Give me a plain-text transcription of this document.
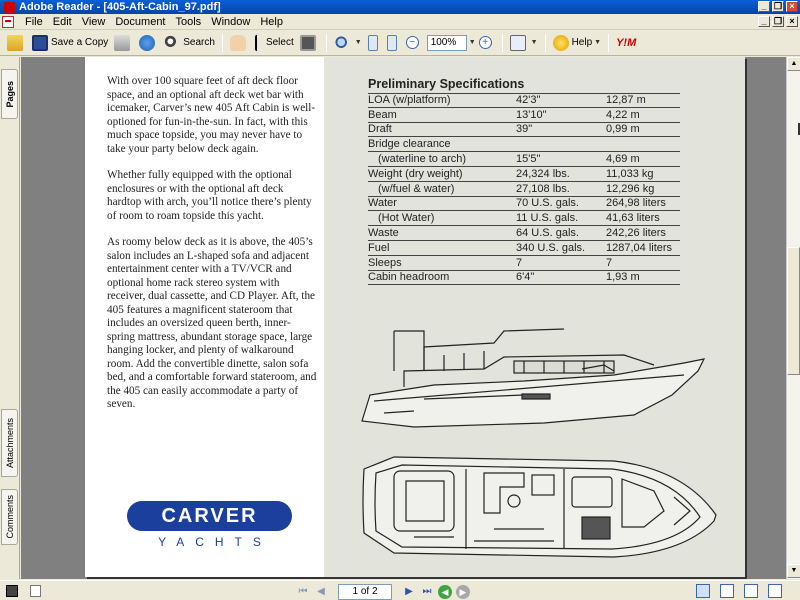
Adobe Reader - [405-Aft-Cabin_97.pdf]	_ ❐ ×
File Edit View Document Tools Window Help	_ ❐ ×
Save a Copy	Search	Select	▼	−	100%	▼ +	▼	Help ▼ Y!M
Pages
Attachments
Comments

With over 100 square feet of aft deck floor space, and an optional aft deck wet bar with icemaker, Carver’s new 405 Aft Cabin is well-optioned for fun-in-the-sun. In fact, with this much space topside, you may never have to take your party below deck again.

Whether fully equipped with the optional enclosures or with the optional aft deck hardtop with arch, you’ll notice there’s plenty of room to roam topside this yacht.

As roomy below deck as it is above, the 405’s salon includes an L-shaped sofa and adjacent entertainment center with a TV/VCR and optional home rack stereo system with receiver, dual cassette, and CD Player. Aft, the 405 features a magnificent stateroom that includes an oversized queen berth, inner-spring mattress, abundant storage space, large hanging locker, and plenty of walkaround room. Add the convertible dinette, salon sofa bed, and a comfortable forward stateroom, and the 405 can easily accommodate a party of seven.

CARVER
YACHTS
Preliminary Specifications
LOA (w/platform)	42'3"	12,87 m
Beam	13'10"	4,22 m
Draft	39"	0,99 m
Bridge clearance
(waterline to arch)	15'5"	4,69 m
Weight (dry weight)	24,324 lbs.	11,033 kg
(w/fuel & water)	27,108 lbs.	12,296 kg
Water	70 U.S. gals.	264,98 liters
(Hot Water)	11 U.S. gals.	41,63 liters
Waste	64 U.S. gals.	242,26 liters
Fuel	340 U.S. gals.	1287,04 liters
Sleeps	7	7
Cabin headroom	6'4"	1,93 m
▲
▼
⏮ ◀	1 of 2	▶ ⏭	◀	▶
